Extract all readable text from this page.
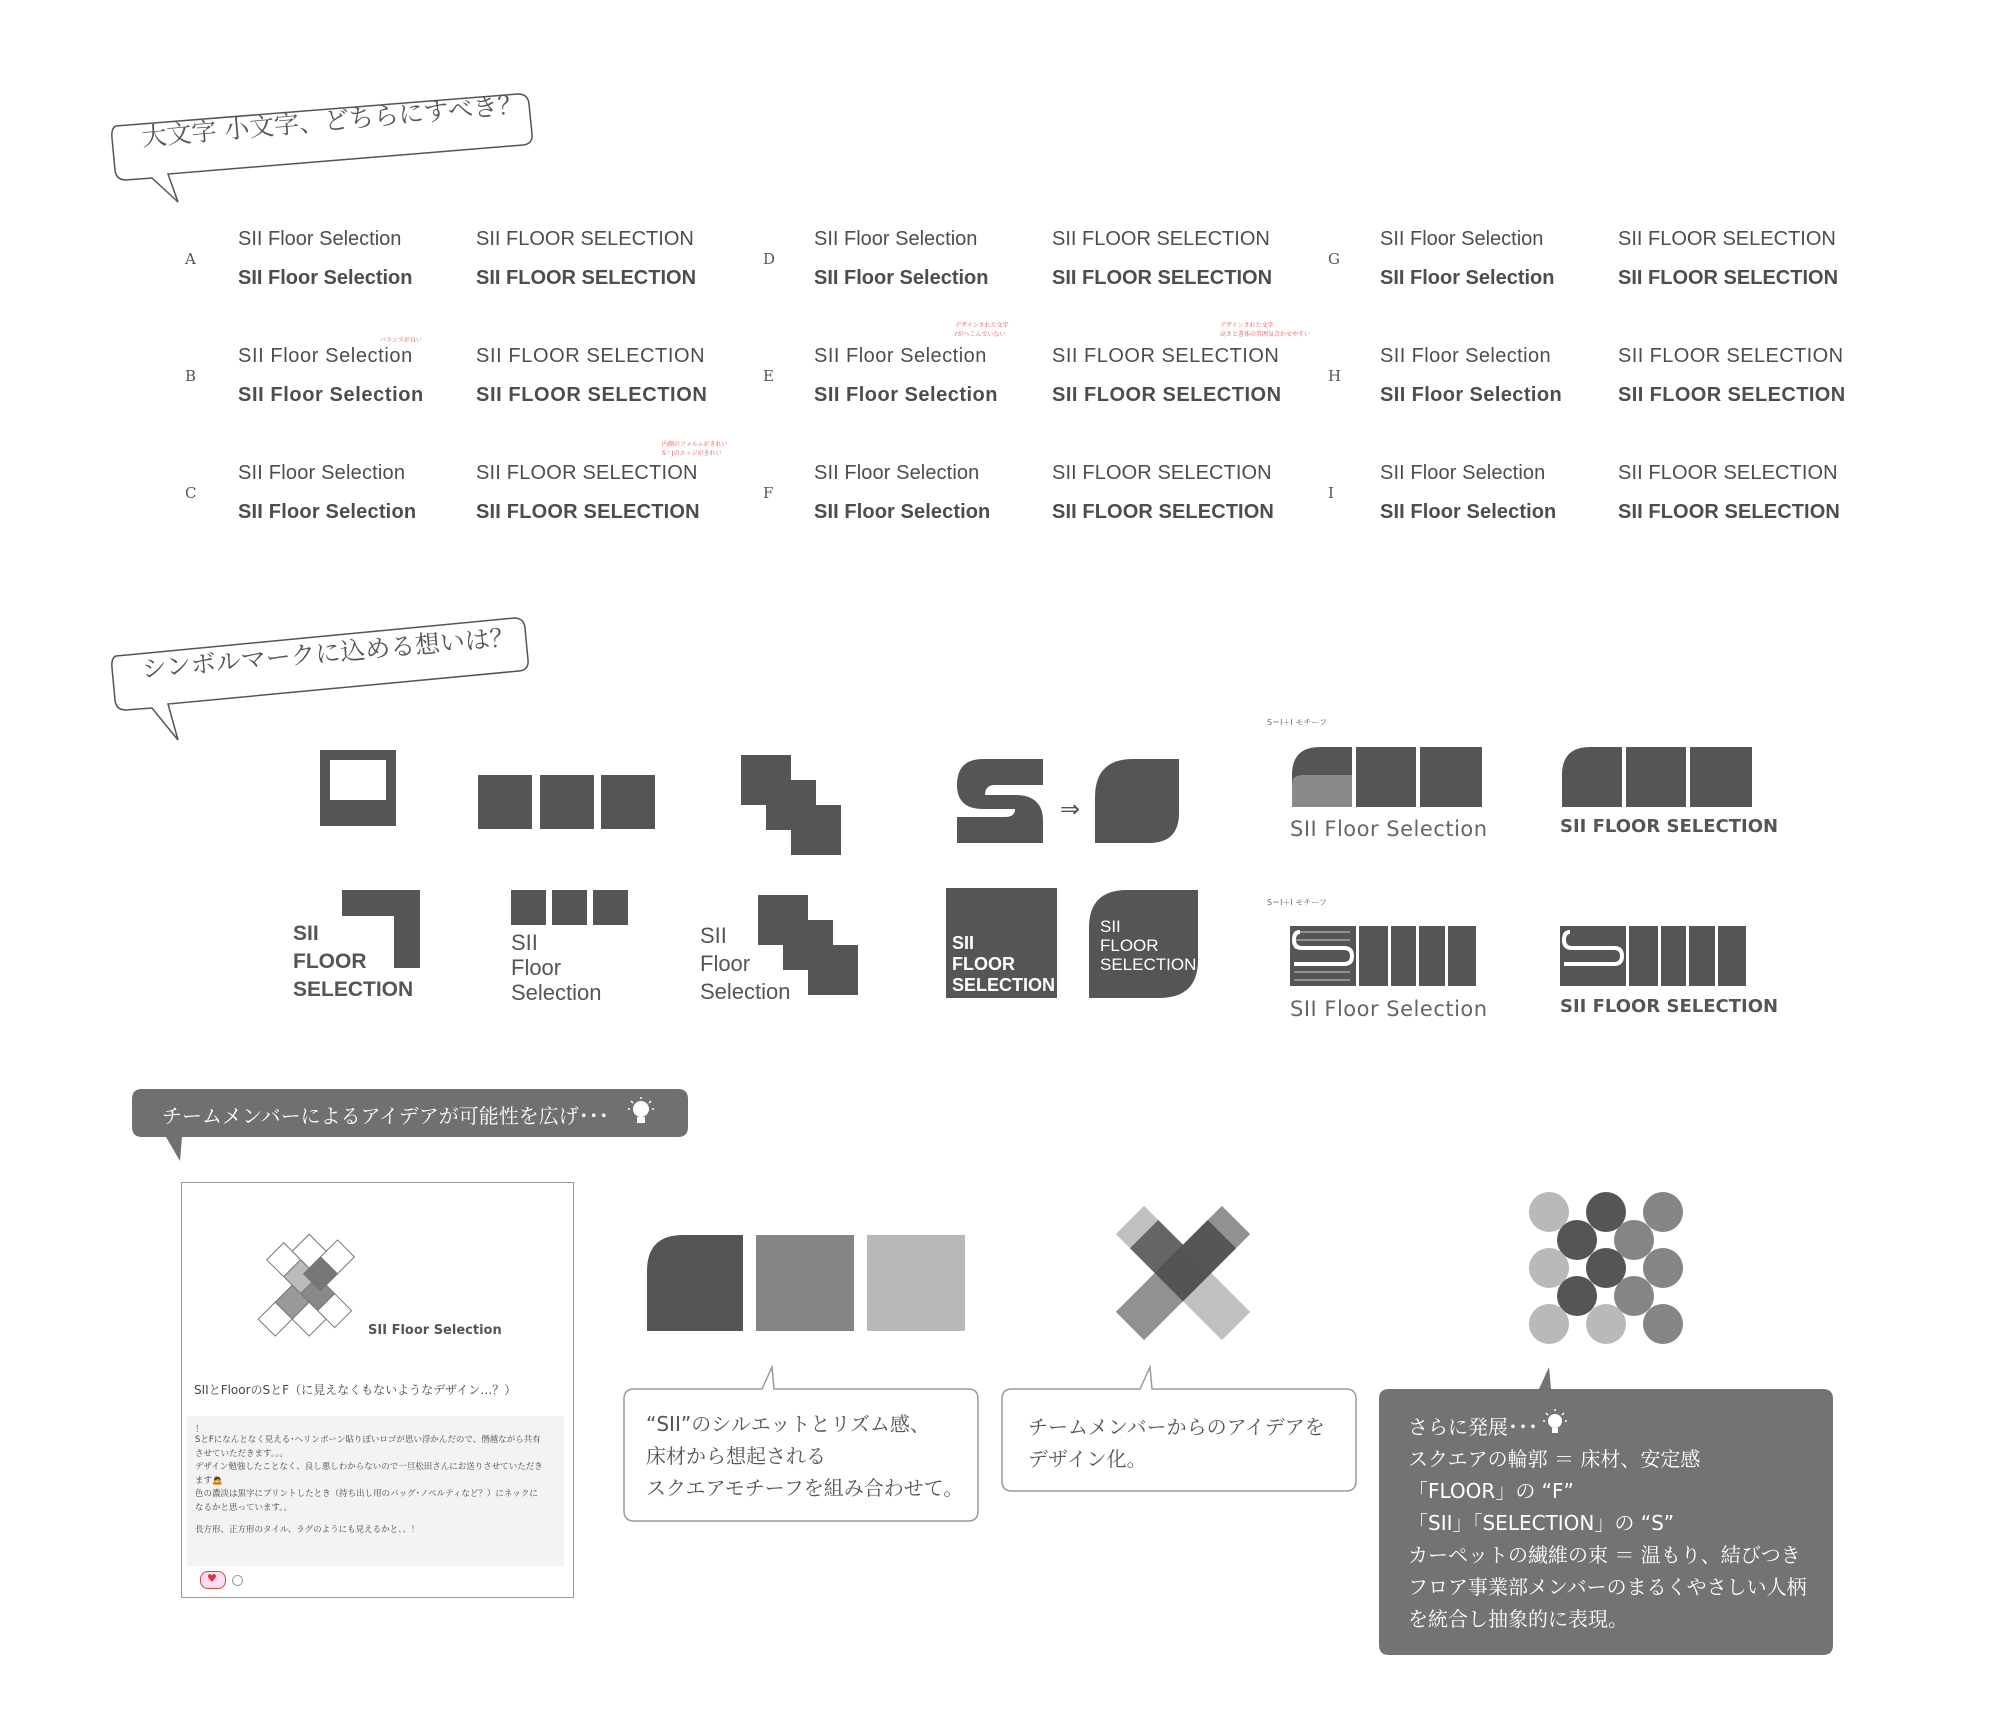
大文字 小文字、どちらにすべき？
A
SII Floor Selection
SII Floor Selection
SII FLOOR SELECTION
SII FLOOR SELECTION
B
SII Floor Selection
SII Floor Selection
SII FLOOR SELECTION
SII FLOOR SELECTION
C
SII Floor Selection
SII Floor Selection
SII FLOOR SELECTION
SII FLOOR SELECTION
D
SII Floor Selection
SII Floor Selection
SII FLOOR SELECTION
SII FLOOR SELECTION
E
SII Floor Selection
SII Floor Selection
SII FLOOR SELECTION
SII FLOOR SELECTION
F
SII Floor Selection
SII Floor Selection
SII FLOOR SELECTION
SII FLOOR SELECTION
G
SII Floor Selection
SII Floor Selection
SII FLOOR SELECTION
SII FLOOR SELECTION
H
SII Floor Selection
SII Floor Selection
SII FLOOR SELECTION
SII FLOOR SELECTION
I
SII Floor Selection
SII Floor Selection
SII FLOOR SELECTION
SII FLOOR SELECTION
バランスが良い
内側のフォルムがきれい
S＝Jのエッジがきれい
デザインされた文字
rがへこんでいない
デザインされた文字
高さと書体の雰囲気合わせやすい
シンボルマークに込める想いは？
⇒
S＝I＋I モチーフ
S＝I＋I モチーフ
SII Floor Selection	SII FLOOR SELECTION
SII
FLOOR
SELECTION
SII
Floor
Selection
SII
Floor
Selection
SII
FLOOR
SELECTION
SII
FLOOR
SELECTION
SII Floor Selection	SII FLOOR SELECTION
チームメンバーによるアイデアが可能性を広げ･･･
SII Floor Selection
SIIとFloorのSとF（に見えなくもないようなデザイン…？）
！
SとFになんとなく見える･ヘリンボーン貼りぽいロゴが思い浮かんだので、僭越ながら共有
させていただきます。。。
デザイン勉強したことなく、良し悪しわからないので一旦松田さんにお送りさせていただき
ます🙇
色の濃淡は黒字にプリントしたとき（持ち出し用のバッグ･ノベルティなど？）にネックに
なるかと思っています。。
長方形、正方形のタイル、ラグのようにも見えるかと、、！
♥
“SII”のシルエットとリズム感、
床材から想起される
スクエアモチーフを組み合わせて。
チームメンバーからのアイデアを
デザイン化。
さらに発展･･･
スクエアの輪郭 ＝ 床材、安定感
「FLOOR」の “F”
「SII」「SELECTION」の “S”
カーペットの繊維の束 ＝ 温もり、結びつき
フロア事業部メンバーのまるくやさしい人柄
を統合し抽象的に表現。
